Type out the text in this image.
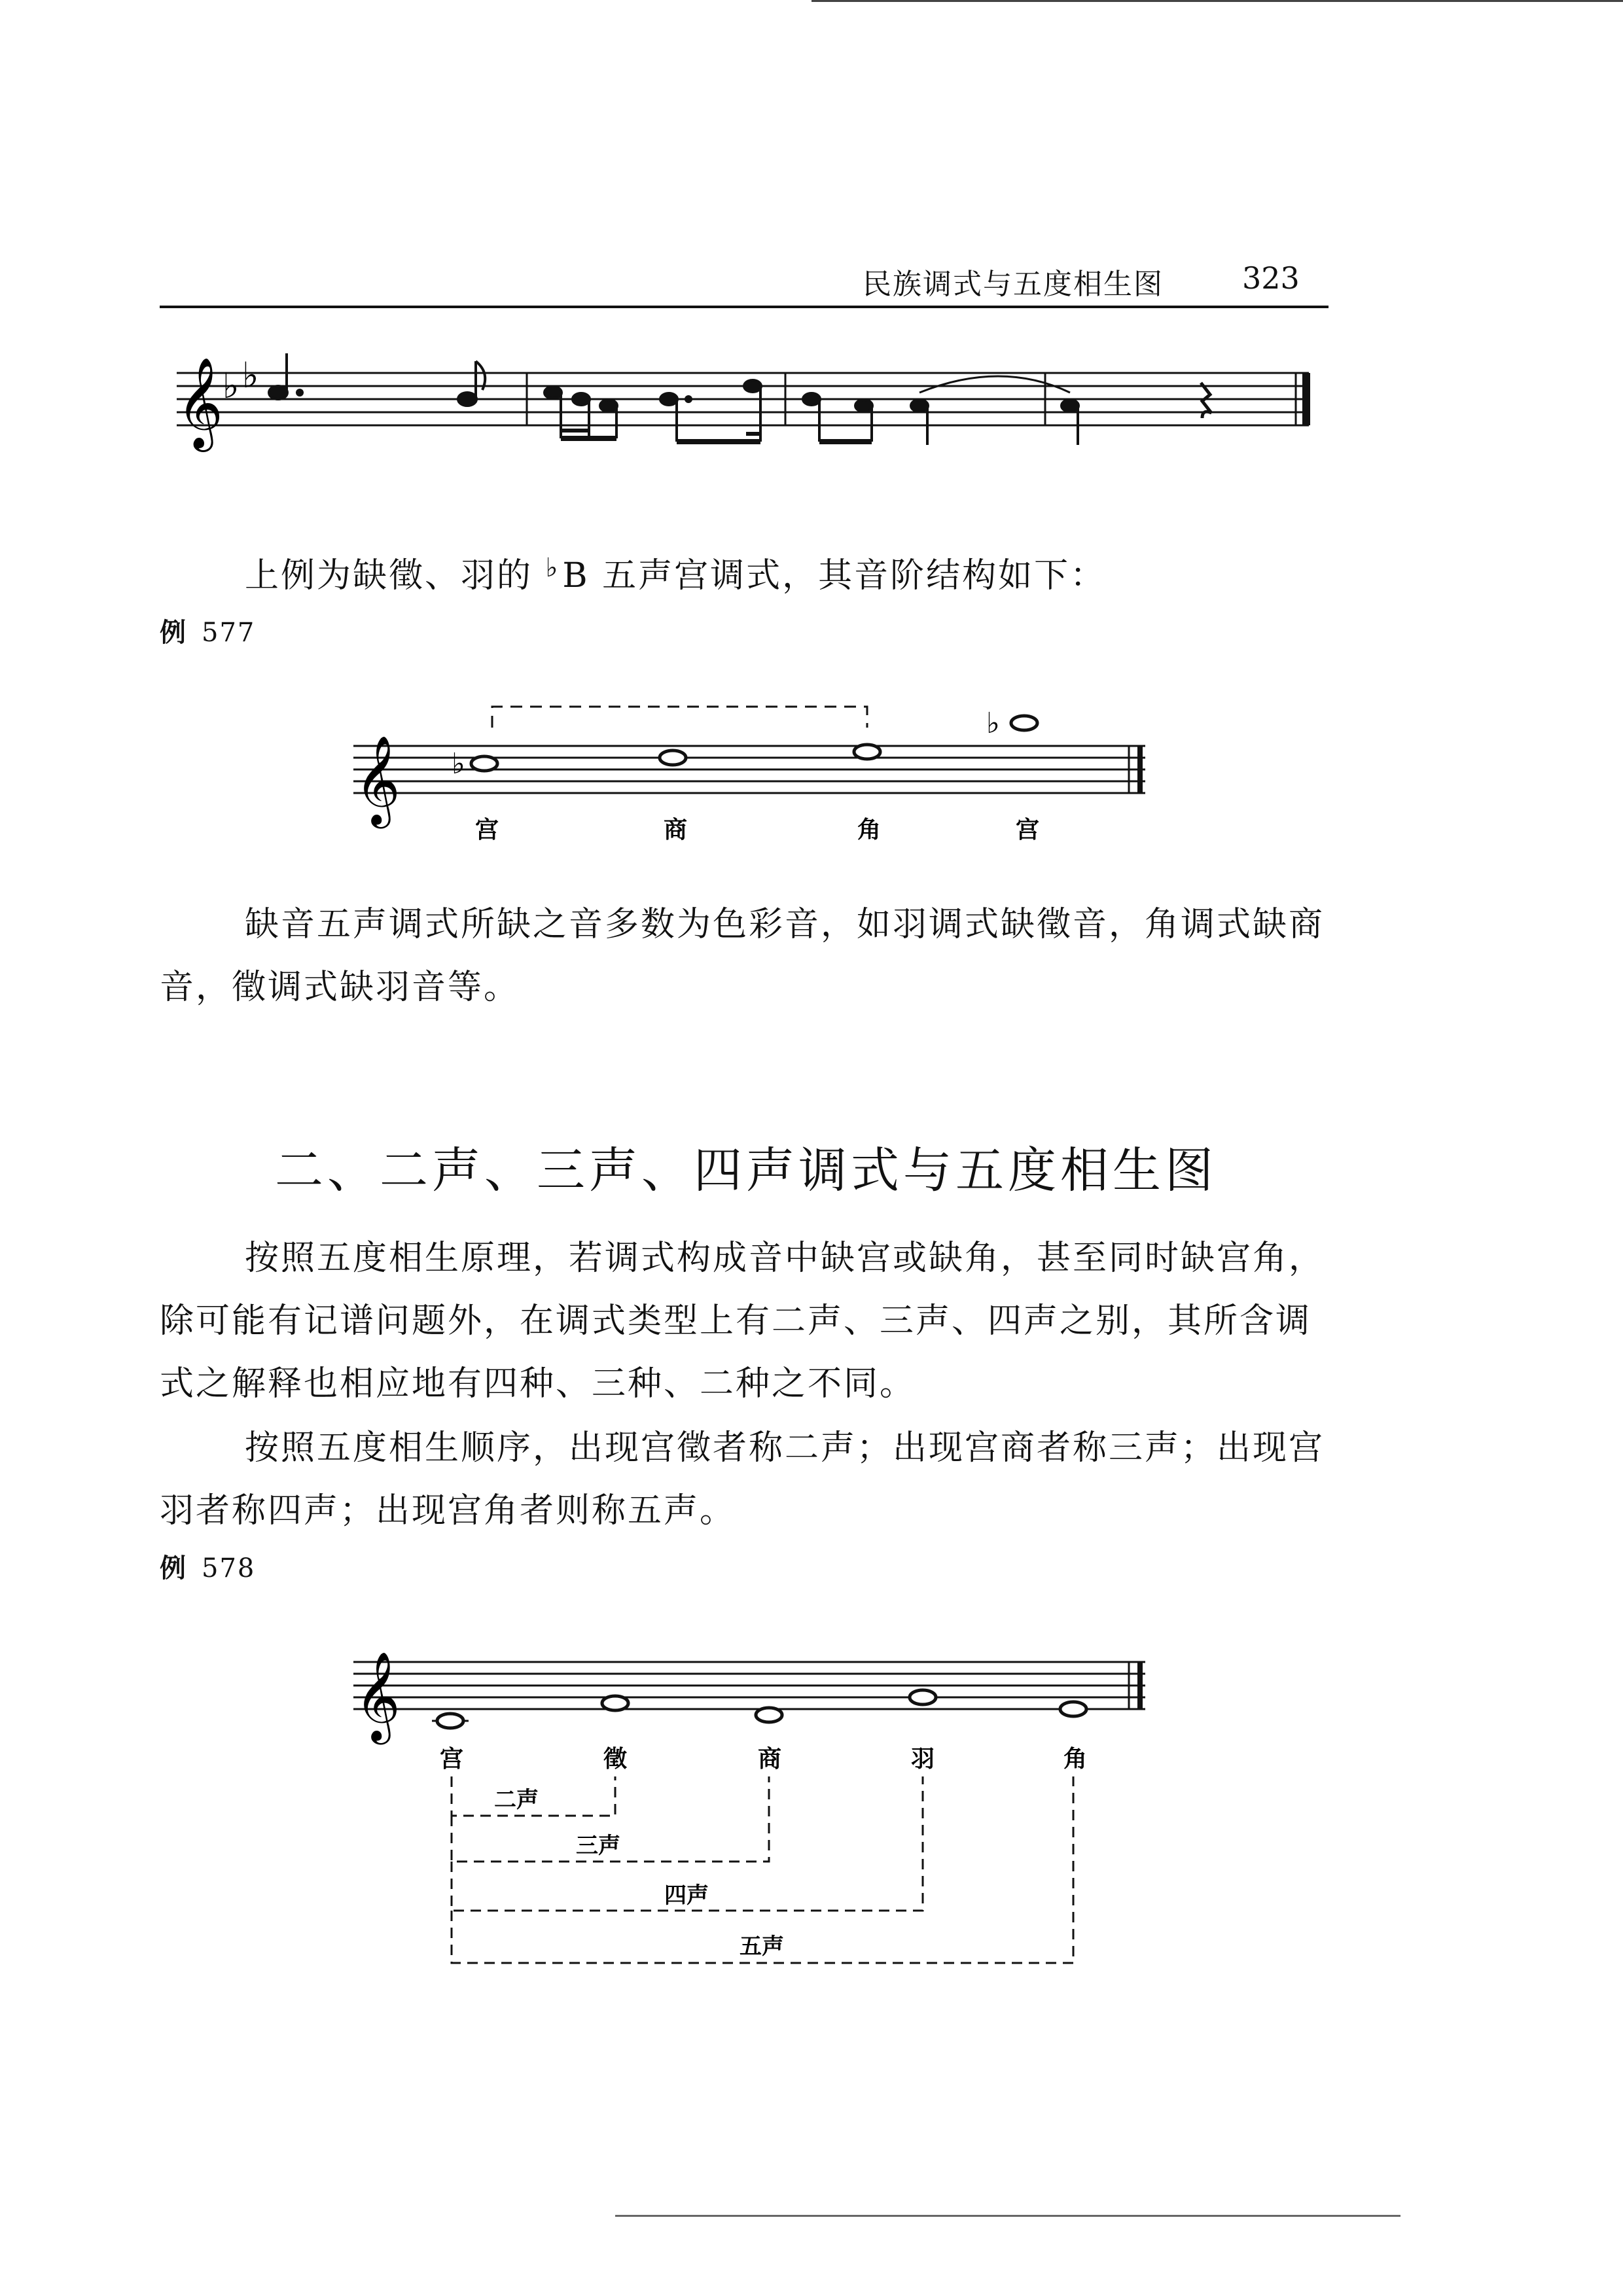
民族调式与五度相生图	323
𝄞 ♭ ♭
上例为缺徵、羽的 ♭B 五声宫调式，其音阶结构如下：
例 577
𝄞 ♭
♭
宫	商	角	宫
缺音五声调式所缺之音多数为色彩音，如羽调式缺徵音，角调式缺商音，徵调式缺羽音等。
二、二声、三声、四声调式与五度相生图
按照五度相生原理，若调式构成音中缺宫或缺角，甚至同时缺宫角，除可能有记谱问题外，在调式类型上有二声、三声、四声之别，其所含调式之解释也相应地有四种、三种、二种之不同。
按照五度相生顺序，出现宫徵者称二声；出现宫商者称三声；出现宫羽者称四声；出现宫角者则称五声。
例 578
𝄞
宫	徵	商	羽	角
二声
三声
四声
五声
